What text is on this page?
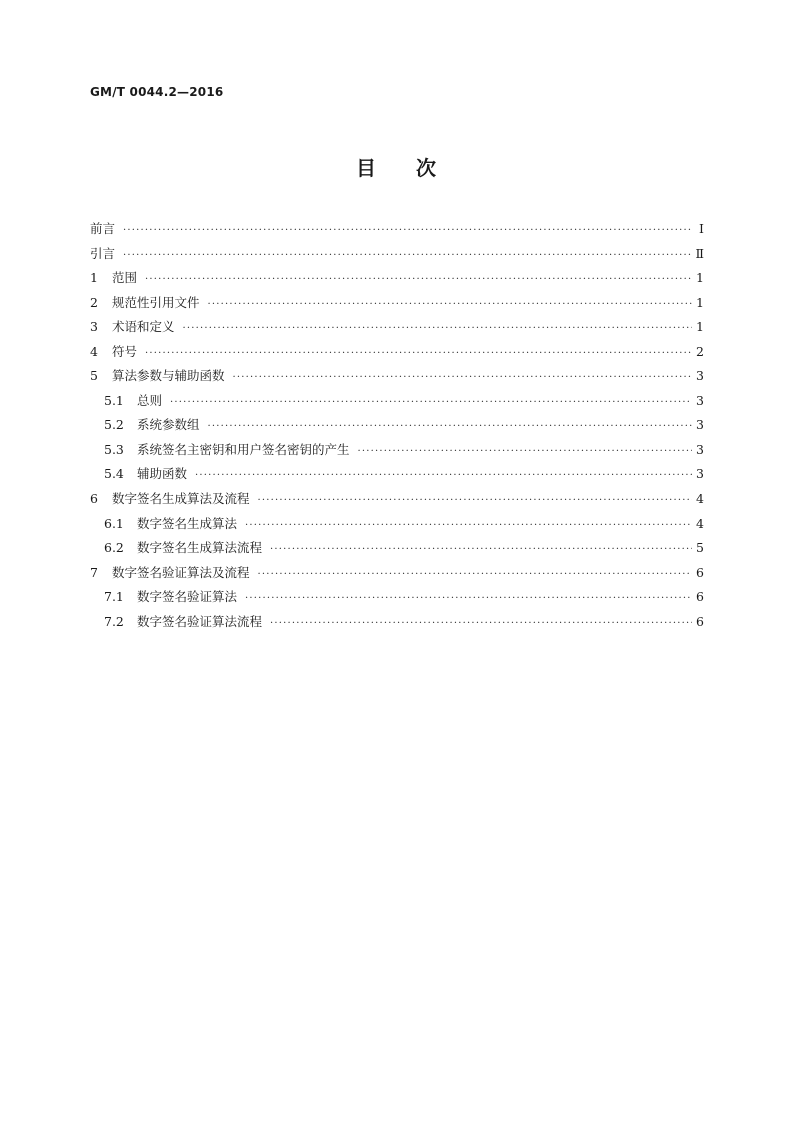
GM/T 0044.2—2016
目 次
前言 ·····	Ⅰ
引言 ·····	Ⅱ
1	范围 ·····	1
2	规范性引用文件 ·····	1
3	术语和定义 ·····	1
4	符号 ·····	2
5	算法参数与辅助函数 ·····	3
5.1	总则 ·····	3
5.2	系统参数组 ·····	3
5.3	系统签名主密钥和用户签名密钥的产生 ·····	3
5.4	辅助函数 ·····	3
6	数字签名生成算法及流程 ·····	4
6.1	数字签名生成算法 ·····	4
6.2	数字签名生成算法流程 ·····	5
7	数字签名验证算法及流程 ·····	6
7.1	数字签名验证算法 ·····	6
7.2	数字签名验证算法流程 ·····	6
